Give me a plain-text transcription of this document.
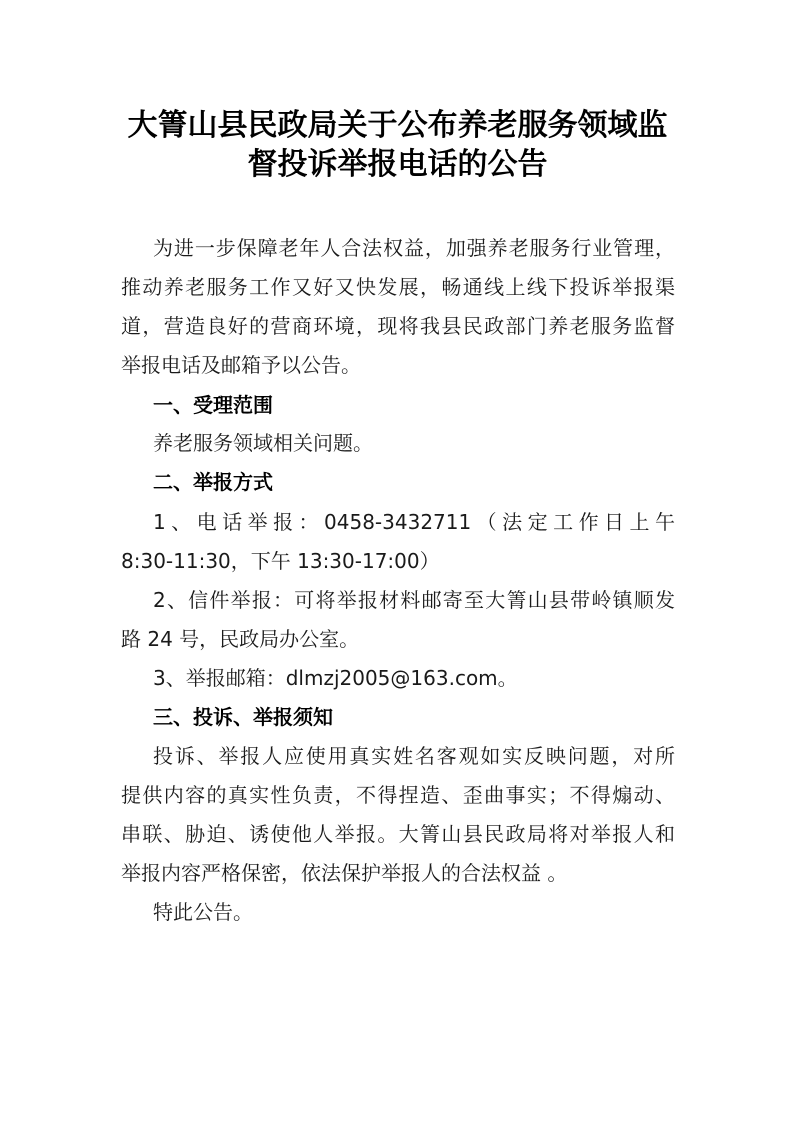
大箐山县民政局关于公布养老服务领域监
督投诉举报电话的公告
为进一步保障老年人合法权益，加强养老服务行业管理，
推动养老服务工作又好又快发展，畅通线上线下投诉举报渠
道，营造良好的营商环境，现将我县民政部门养老服务监督
举报电话及邮箱予以公告。
一、受理范围
养老服务领域相关问题。
二、举报方式
1、电话举报：0458-3432711（法定工作日上午
8:30-11:30，下午 13:30-17:00）
2、信件举报：可将举报材料邮寄至大箐山县带岭镇顺发
路 24 号，民政局办公室。
3、举报邮箱：dlmzj2005@163.com。
三、投诉、举报须知
投诉、举报人应使用真实姓名客观如实反映问题，对所
提供内容的真实性负责，不得捏造、歪曲事实；不得煽动、
串联、胁迫、诱使他人举报。大箐山县民政局将对举报人和
举报内容严格保密，依法保护举报人的合法权益 。
特此公告。
